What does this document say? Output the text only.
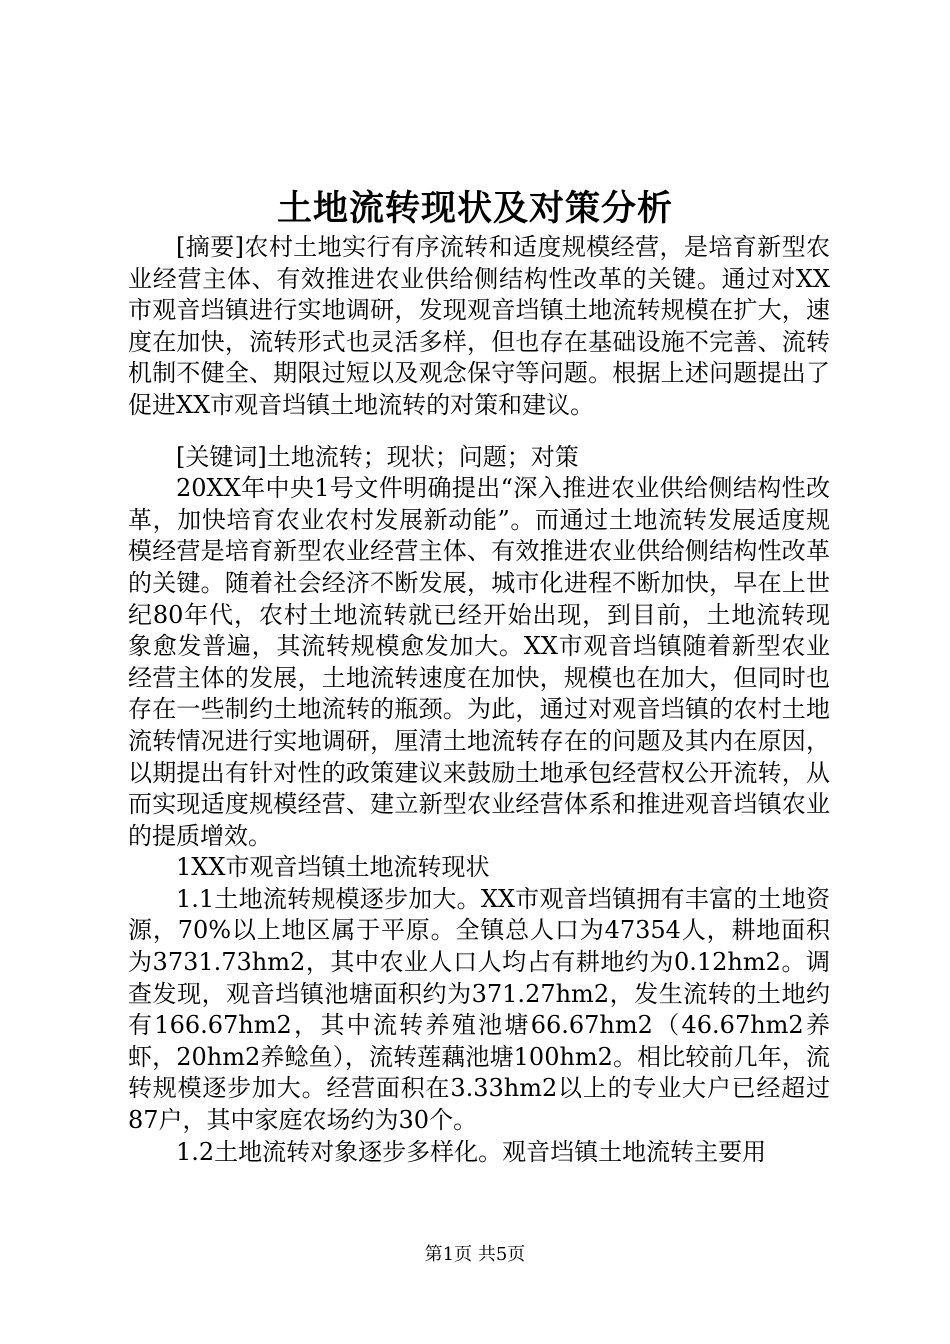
土地流转现状及对策分析

[摘要]农村土地实行有序流转和适度规模经营，是培育新型农业经营主体、有效推进农业供给侧结构性改革的关键。通过对XX市观音垱镇进行实地调研，发现观音垱镇土地流转规模在扩大，速度在加快，流转形式也灵活多样，但也存在基础设施不完善、流转机制不健全、期限过短以及观念保守等问题。根据上述问题提出了促进XX市观音垱镇土地流转的对策和建议。

[关键词]土地流转；现状；问题；对策

20XX年中央1号文件明确提出“深入推进农业供给侧结构性改革，加快培育农业农村发展新动能”。而通过土地流转发展适度规模经营是培育新型农业经营主体、有效推进农业供给侧结构性改革的关键。随着社会经济不断发展，城市化进程不断加快，早在上世纪80年代，农村土地流转就已经开始出现，到目前，土地流转现象愈发普遍，其流转规模愈发加大。XX市观音垱镇随着新型农业经营主体的发展，土地流转速度在加快，规模也在加大，但同时也存在一些制约土地流转的瓶颈。为此，通过对观音垱镇的农村土地流转情况进行实地调研，厘清土地流转存在的问题及其内在原因，以期提出有针对性的政策建议来鼓励土地承包经营权公开流转，从而实现适度规模经营、建立新型农业经营体系和推进观音垱镇农业的提质增效。

1XX市观音垱镇土地流转现状

1.1土地流转规模逐步加大。XX市观音垱镇拥有丰富的土地资源，70%以上地区属于平原。全镇总人口为47354人，耕地面积为3731.73hm2，其中农业人口人均占有耕地约为0.12hm2。调查发现，观音垱镇池塘面积约为371.27hm2，发生流转的土地约有166.67hm2，其中流转养殖池塘66.67hm2（46.67hm2养虾，20hm2养鲶鱼），流转莲藕池塘100hm2。相比较前几年，流转规模逐步加大。经营面积在3.33hm2以上的专业大户已经超过87户，其中家庭农场约为30个。

1.2土地流转对象逐步多样化。观音垱镇土地流转主要用

第1页 共5页
